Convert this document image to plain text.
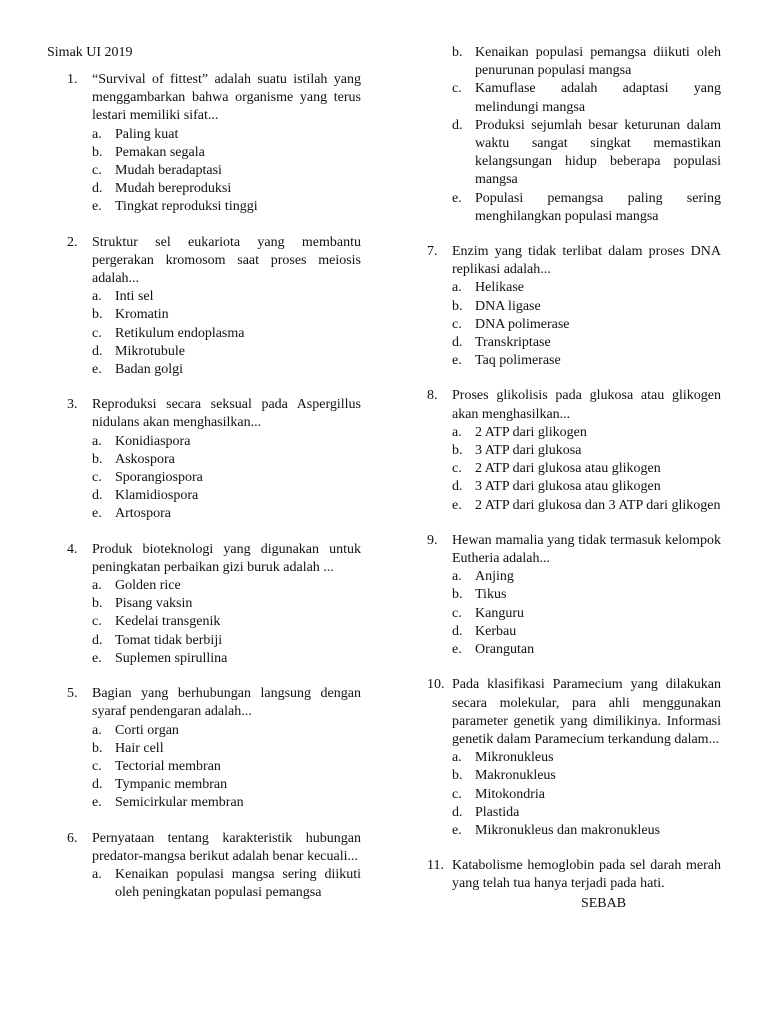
Simak UI 2019
1. “Survival of fittest” adalah suatu istilah yang menggambarkan bahwa organisme yang terus lestari memiliki sifat...
a. Paling kuat
b. Pemakan segala
c. Mudah beradaptasi
d. Mudah bereproduksi
e. Tingkat reproduksi tinggi
2. Struktur sel eukariota yang membantu pergerakan kromosom saat proses meiosis adalah...
a. Inti sel
b. Kromatin
c. Retikulum endoplasma
d. Mikrotubule
e. Badan golgi
3. Reproduksi secara seksual pada Aspergillus nidulans akan menghasilkan...
a. Konidiaspora
b. Askospora
c. Sporangiospora
d. Klamidiospora
e. Artospora
4. Produk bioteknologi yang digunakan untuk peningkatan perbaikan gizi buruk adalah ...
a. Golden rice
b. Pisang vaksin
c. Kedelai transgenik
d. Tomat tidak berbiji
e. Suplemen spirullina
5. Bagian yang berhubungan langsung dengan syaraf pendengaran adalah...
a. Corti organ
b. Hair cell
c. Tectorial membran
d. Tympanic membran
e. Semicirkular membran
6. Pernyataan tentang karakteristik hubungan predator-mangsa berikut adalah benar kecuali...
a. Kenaikan populasi mangsa sering diikuti oleh peningkatan populasi pemangsa
b. Kenaikan populasi pemangsa diikuti oleh penurunan populasi mangsa
c. Kamuflase adalah adaptasi yang melindungi mangsa
d. Produksi sejumlah besar keturunan dalam waktu sangat singkat memastikan kelangsungan hidup beberapa populasi mangsa
e. Populasi pemangsa paling sering menghilangkan populasi mangsa
7. Enzim yang tidak terlibat dalam proses DNA replikasi adalah...
a. Helikase
b. DNA ligase
c. DNA polimerase
d. Transkriptase
e. Taq polimerase
8. Proses glikolisis pada glukosa atau glikogen akan menghasilkan...
a. 2 ATP dari glikogen
b. 3 ATP dari glukosa
c. 2 ATP dari glukosa atau glikogen
d. 3 ATP dari glukosa atau glikogen
e. 2 ATP dari glukosa dan 3 ATP dari glikogen
9. Hewan mamalia yang tidak termasuk kelompok Eutheria adalah...
a. Anjing
b. Tikus
c. Kanguru
d. Kerbau
e. Orangutan
10. Pada klasifikasi Paramecium yang dilakukan secara molekular, para ahli menggunakan parameter genetik yang dimilikinya. Informasi genetik dalam Paramecium terkandung dalam...
a. Mikronukleus
b. Makronukleus
c. Mitokondria
d. Plastida
e. Mikronukleus dan makronukleus
11. Katabolisme hemoglobin pada sel darah merah yang telah tua hanya terjadi pada hati.
SEBAB
